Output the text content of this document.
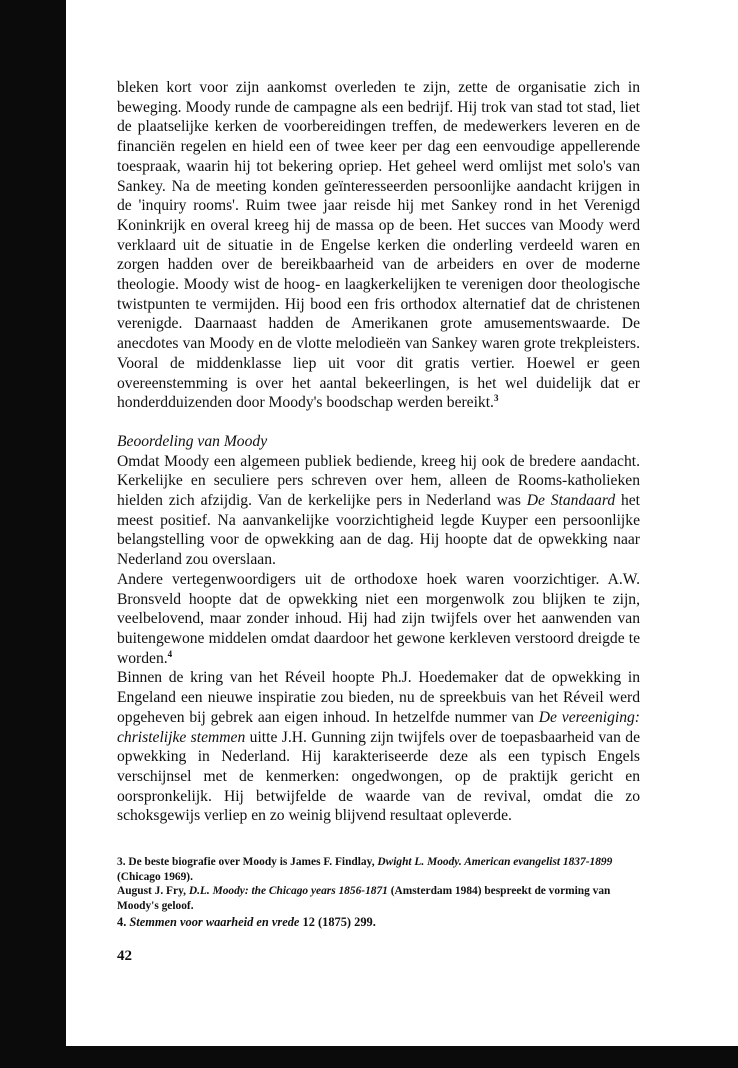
bleken kort voor zijn aankomst overleden te zijn, zette de organisatie zich in beweging. Moody runde de campagne als een bedrijf. Hij trok van stad tot stad, liet de plaatselijke kerken de voorbereidingen treffen, de medewerkers leveren en de financiën regelen en hield een of twee keer per dag een eenvoudige appellerende toespraak, waarin hij tot bekering opriep. Het geheel werd omlijst met solo's van Sankey. Na de meeting konden geïnteresseerden persoonlijke aandacht krijgen in de 'inquiry rooms'. Ruim twee jaar reisde hij met Sankey rond in het Verenigd Koninkrijk en overal kreeg hij de massa op de been. Het succes van Moody werd verklaard uit de situatie in de Engelse kerken die onderling verdeeld waren en zorgen hadden over de bereikbaarheid van de arbeiders en over de moderne theologie. Moody wist de hoog- en laagkerkelijken te verenigen door theologische twistpunten te vermijden. Hij bood een fris orthodox alternatief dat de christenen verenigde. Daarnaast hadden de Amerikanen grote amusementswaarde. De anecdotes van Moody en de vlotte melodieën van Sankey waren grote trekpleisters. Vooral de middenklasse liep uit voor dit gratis vertier. Hoewel er geen overeenstemming is over het aantal bekeerlingen, is het wel duidelijk dat er honderdduizenden door Moody's boodschap werden bereikt.$^3$

Beoordeling van Moody

Omdat Moody een algemeen publiek bediende, kreeg hij ook de bredere aandacht. Kerkelijke en seculiere pers schreven over hem, alleen de Rooms-katholieken hielden zich afzijdig. Van de kerkelijke pers in Nederland was De Standaard het meest positief. Na aanvankelijke voorzichtigheid legde Kuyper een persoonlijke belangstelling voor de opwekking aan de dag. Hij hoopte dat de opwekking naar Nederland zou overslaan.

Andere vertegenwoordigers uit de orthodoxe hoek waren voorzichtiger. A.W. Bronsveld hoopte dat de opwekking niet een morgenwolk zou blijken te zijn, veelbelovend, maar zonder inhoud. Hij had zijn twijfels over het aanwenden van buitengewone middelen omdat daardoor het gewone kerkleven verstoord dreigde te worden.$^4$

Binnen de kring van het Réveil hoopte Ph.J. Hoedemaker dat de opwekking in Engeland een nieuwe inspiratie zou bieden, nu de spreekbuis van het Réveil werd opgeheven bij gebrek aan eigen inhoud. In hetzelfde nummer van De vereeniging: christelijke stemmen uitte J.H. Gunning zijn twijfels over de toepasbaarheid van de opwekking in Nederland. Hij karakteriseerde deze als een typisch Engels verschijnsel met de kenmerken: ongedwongen, op de praktijk gericht en oorspronkelijk. Hij betwijfelde de waarde van de revival, omdat die zo schoksgewijs verliep en zo weinig blijvend resultaat opleverde.

3. De beste biografie over Moody is James F. Findlay, Dwight L. Moody. American evangelist 1837-1899 (Chicago 1969).

August J. Fry, D.L. Moody: the Chicago years 1856-1871 (Amsterdam 1984) bespreekt de vorming van Moody's geloof.

4. Stemmen voor waarheid en vrede 12 (1875) 299.

42
